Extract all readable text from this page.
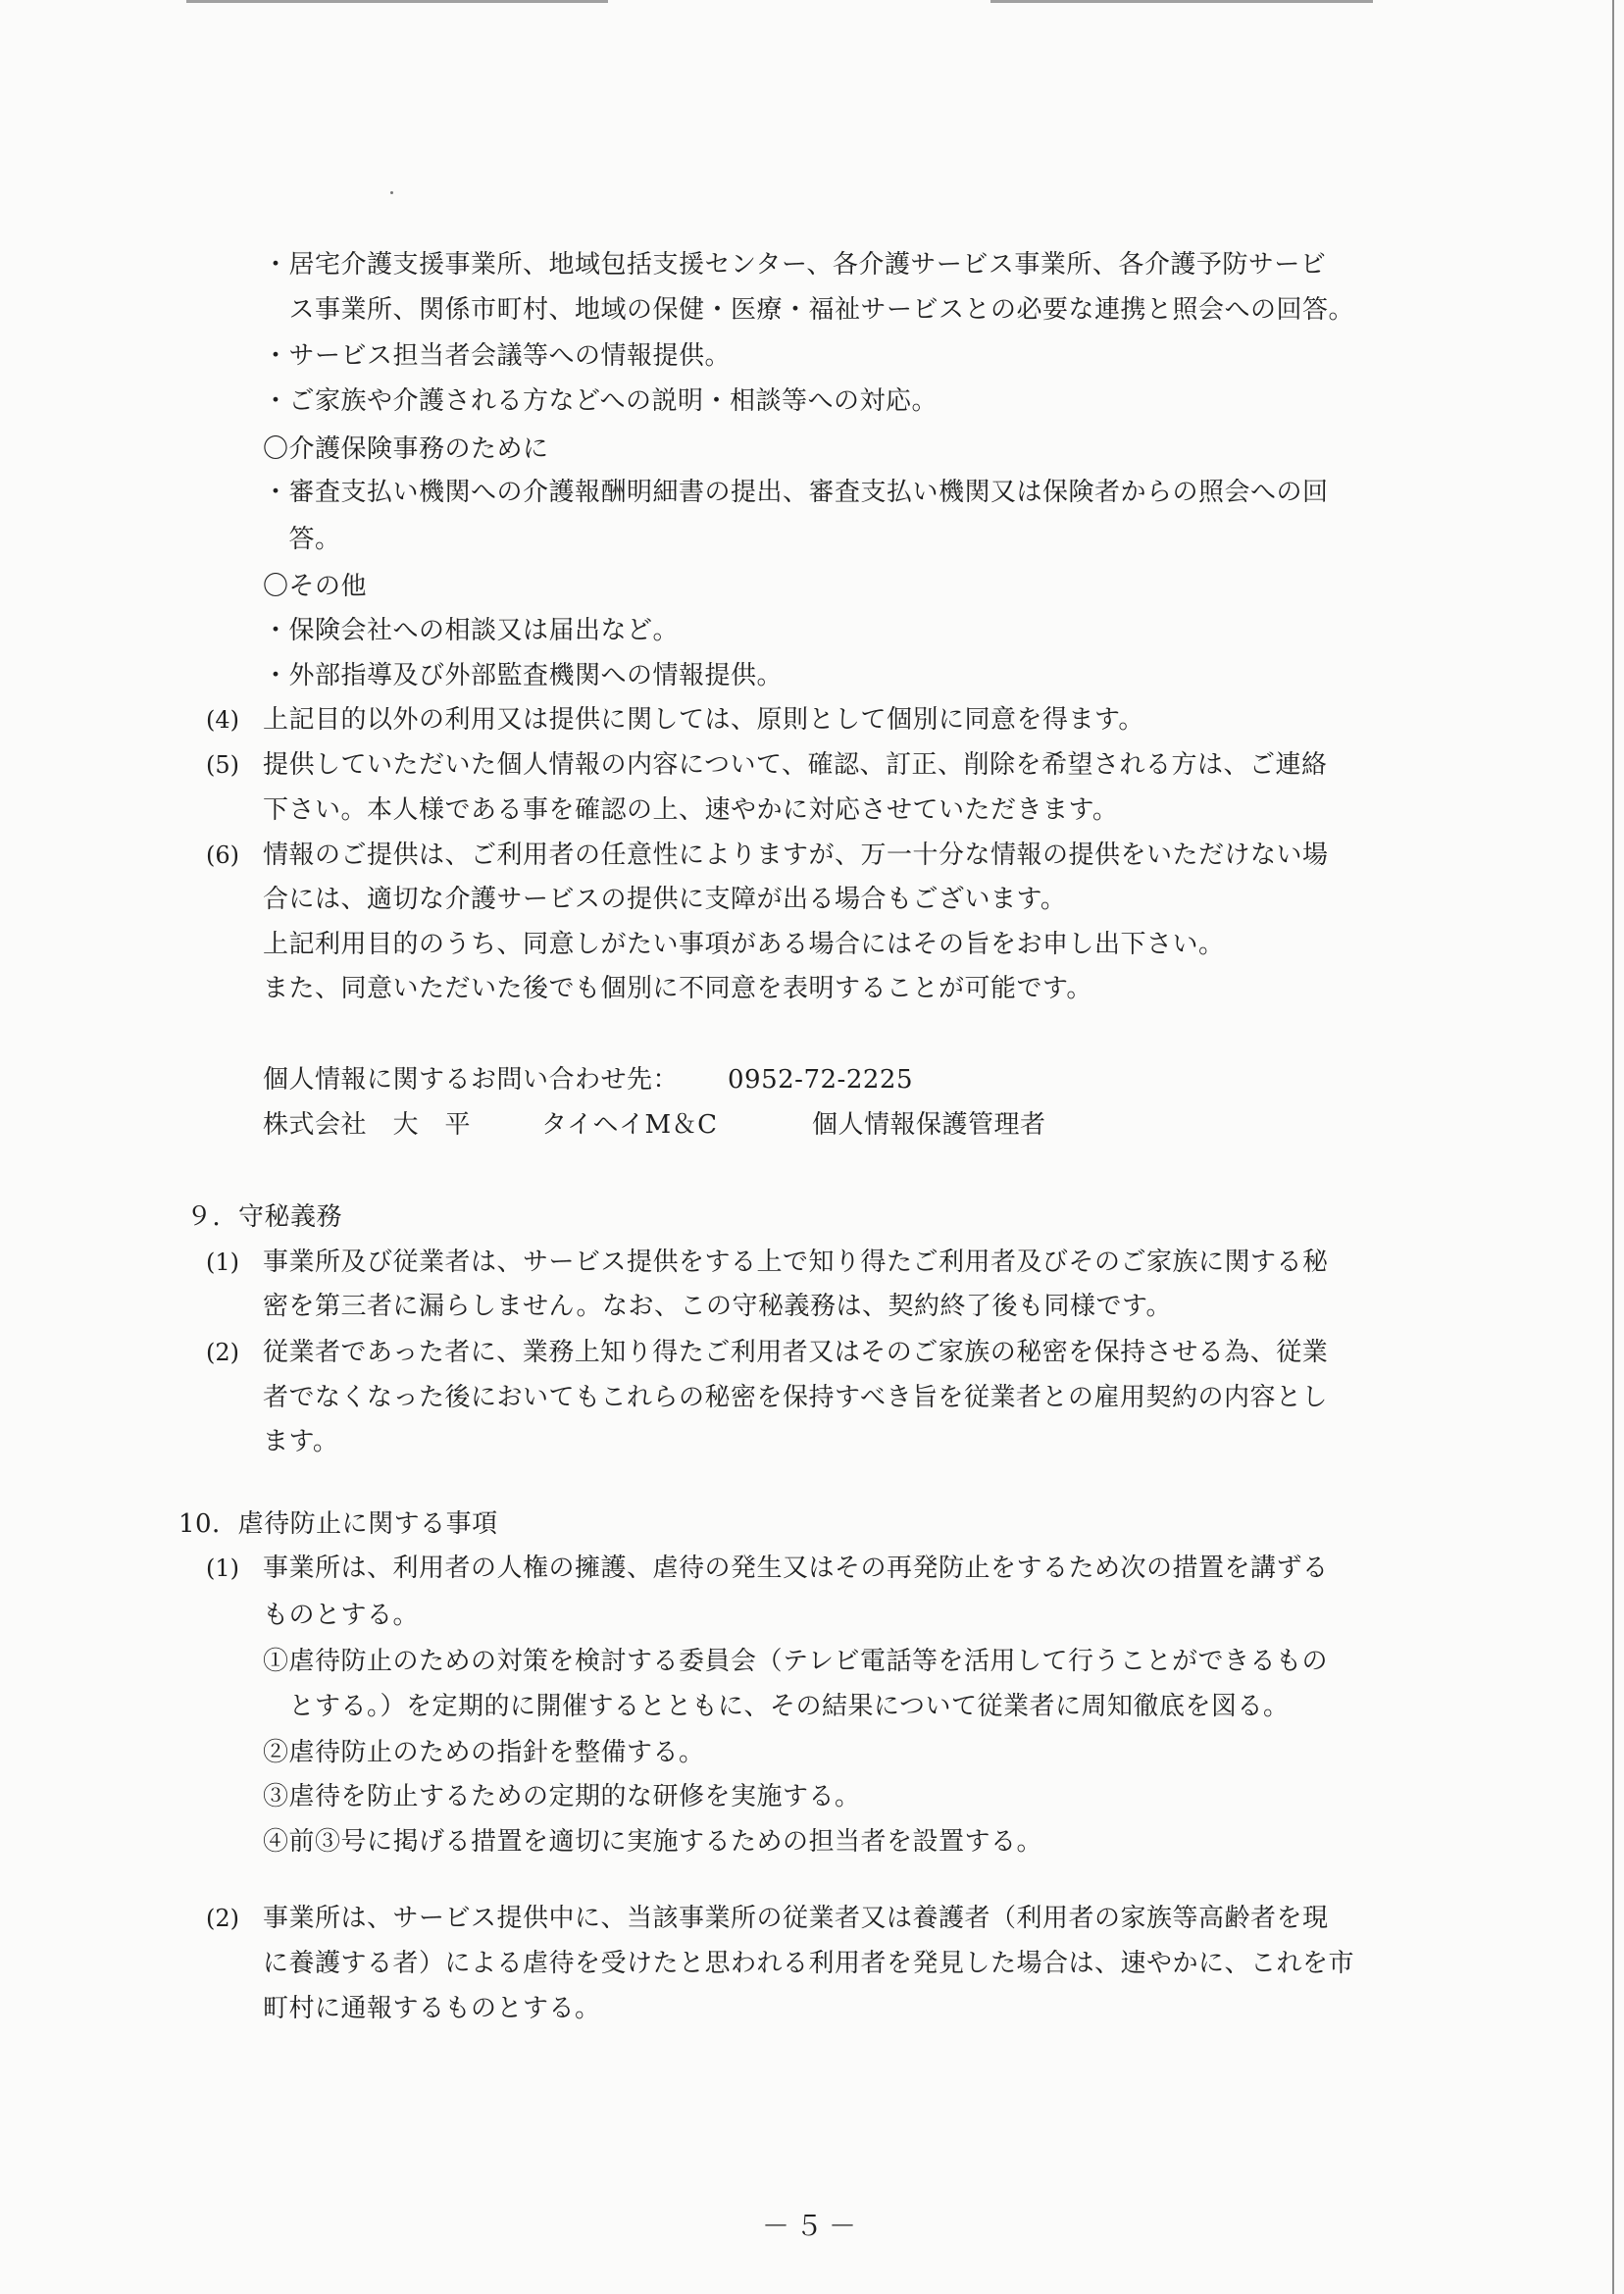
・居宅介護支援事業所、地域包括支援センター、各介護サービス事業所、各介護予防サービ
　ス事業所、関係市町村、地域の保健・医療・福祉サービスとの必要な連携と照会への回答。
・サービス担当者会議等への情報提供。
・ご家族や介護される方などへの説明・相談等への対応。
〇介護保険事務のために
・審査支払い機関への介護報酬明細書の提出、審査支払い機関又は保険者からの照会への回
　答。
〇その他
・保険会社への相談又は届出など。
・外部指導及び外部監査機関への情報提供。
(4) 上記目的以外の利用又は提供に関しては、原則として個別に同意を得ます。
(5) 提供していただいた個人情報の内容について、確認、訂正、削除を希望される方は、ご連絡
下さい。本人様である事を確認の上、速やかに対応させていただきます。
(6) 情報のご提供は、ご利用者の任意性によりますが、万一十分な情報の提供をいただけない場
合には、適切な介護サービスの提供に支障が出る場合もございます。
上記利用目的のうち、同意しがたい事項がある場合にはその旨をお申し出下さい。
また、同意いただいた後でも個別に不同意を表明することが可能です。
個人情報に関するお問い合わせ先： 0952-72-2225
株式会社　大　平	タイヘイM＆C	個人情報保護管理者
９．守秘義務
(1) 事業所及び従業者は、サービス提供をする上で知り得たご利用者及びそのご家族に関する秘
密を第三者に漏らしません。なお、この守秘義務は、契約終了後も同様です。
(2) 従業者であった者に、業務上知り得たご利用者又はそのご家族の秘密を保持させる為、従業
者でなくなった後においてもこれらの秘密を保持すべき旨を従業者との雇用契約の内容とし
ます。
10．虐待防止に関する事項
(1) 事業所は、利用者の人権の擁護、虐待の発生又はその再発防止をするため次の措置を講ずる
ものとする。
①虐待防止のための対策を検討する委員会（テレビ電話等を活用して行うことができるもの
　とする。）を定期的に開催するとともに、その結果について従業者に周知徹底を図る。
②虐待防止のための指針を整備する。
③虐待を防止するための定期的な研修を実施する。
④前③号に掲げる措置を適切に実施するための担当者を設置する。
(2) 事業所は、サービス提供中に、当該事業所の従業者又は養護者（利用者の家族等高齢者を現
に養護する者）による虐待を受けたと思われる利用者を発見した場合は、速やかに、これを市
町村に通報するものとする。
－５－
